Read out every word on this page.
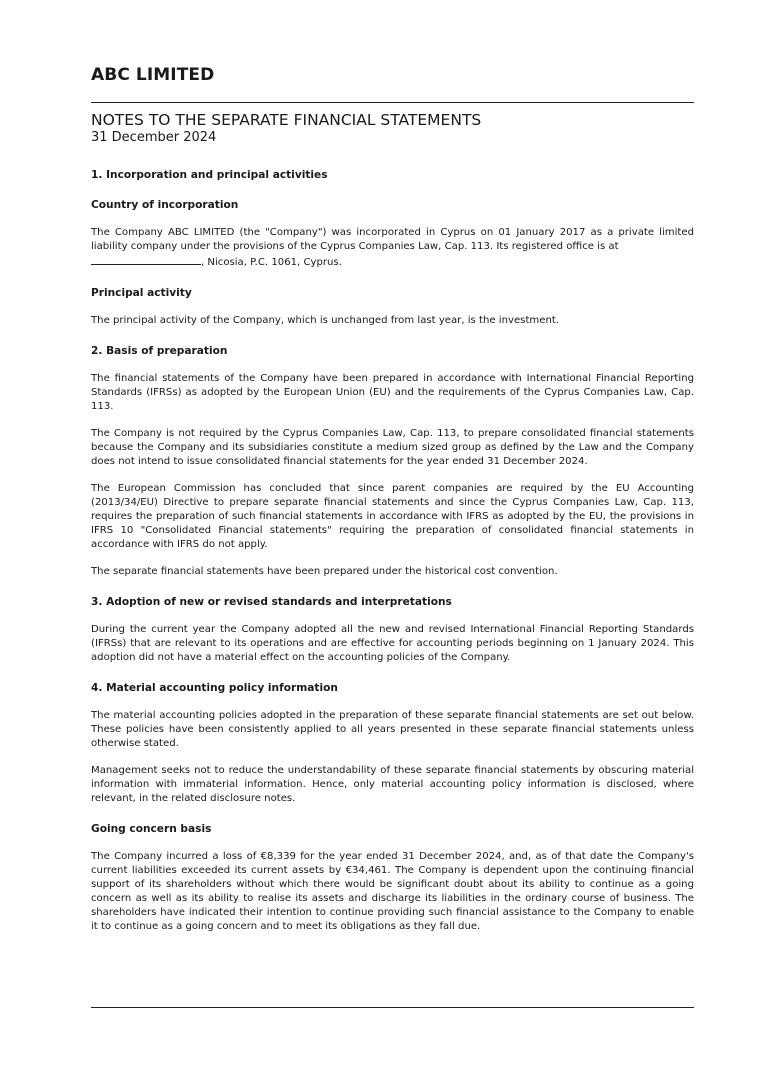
ABC LIMITED
NOTES TO THE SEPARATE FINANCIAL STATEMENTS
31 December 2024
1. Incorporation and principal activities
Country of incorporation

The Company ABC LIMITED (the "Company") was incorporated in Cyprus on 01 January 2017 as a private limited liability company under the provisions of the Cyprus Companies Law, Cap. 113. Its registered office is at
, Nicosia, P.C. 1061, Cyprus.

Principal activity

The principal activity of the Company, which is unchanged from last year, is the investment.

2. Basis of preparation

The financial statements of the Company have been prepared in accordance with International Financial Reporting Standards (IFRSs) as adopted by the European Union (EU) and the requirements of the Cyprus Companies Law, Cap. 113.

The Company is not required by the Cyprus Companies Law, Cap. 113, to prepare consolidated financial statements because the Company and its subsidiaries constitute a medium sized group as defined by the Law and the Company does not intend to issue consolidated financial statements for the year ended 31 December 2024.

The European Commission has concluded that since parent companies are required by the EU Accounting (2013/34/EU) Directive to prepare separate financial statements and since the Cyprus Companies Law, Cap. 113, requires the preparation of such financial statements in accordance with IFRS as adopted by the EU, the provisions in IFRS 10 "Consolidated Financial statements" requiring the preparation of consolidated financial statements in accordance with IFRS do not apply.

The separate financial statements have been prepared under the historical cost convention.

3. Adoption of new or revised standards and interpretations

During the current year the Company adopted all the new and revised International Financial Reporting Standards (IFRSs) that are relevant to its operations and are effective for accounting periods beginning on 1 January 2024. This adoption did not have a material effect on the accounting policies of the Company.

4. Material accounting policy information

The material accounting policies adopted in the preparation of these separate financial statements are set out below. These policies have been consistently applied to all years presented in these separate financial statements unless otherwise stated.

Management seeks not to reduce the understandability of these separate financial statements by obscuring material information with immaterial information. Hence, only material accounting policy information is disclosed, where relevant, in the related disclosure notes.

Going concern basis

The Company incurred a loss of €8,339 for the year ended 31 December 2024, and, as of that date the Company's current liabilities exceeded its current assets by €34,461. The Company is dependent upon the continuing financial support of its shareholders without which there would be significant doubt about its ability to continue as a going concern as well as its ability to realise its assets and discharge its liabilities in the ordinary course of business. The shareholders have indicated their intention to continue providing such financial assistance to the Company to enable it to continue as a going concern and to meet its obligations as they fall due.
